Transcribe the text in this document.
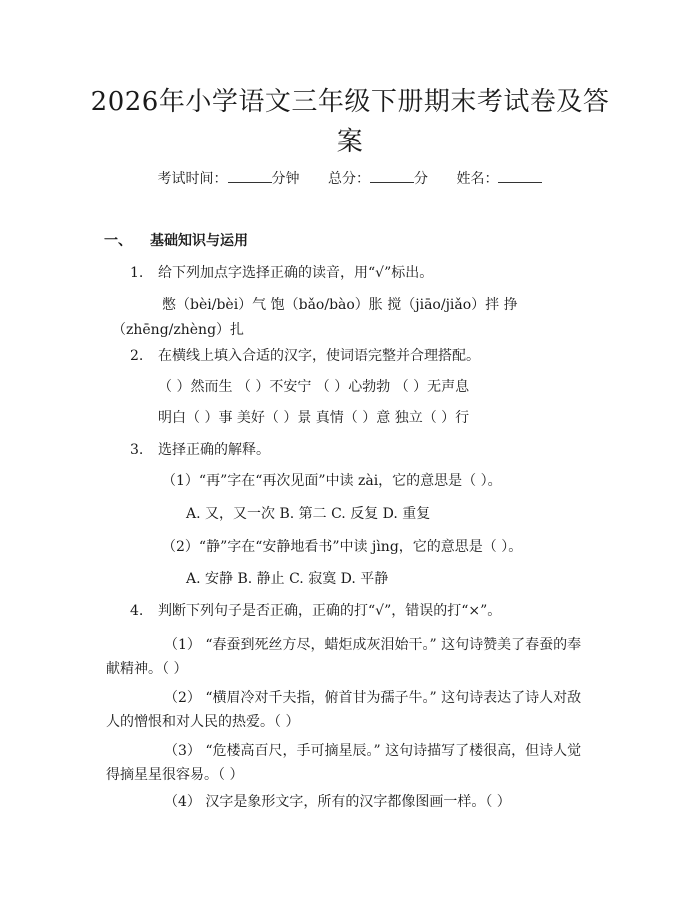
2026年小学语文三年级下册期末考试卷及答案
考试时间：	分钟 总分：	分 姓名：
一、 基础知识与运用
1. 给下列加点字选择正确的读音，用“√”标出。
憋（bèi/bèi）气 饱（bǎo/bào）胀 搅（jiāo/jiǎo）拌 挣（zhēng/zhèng）扎
2. 在横线上填入合适的汉字，使词语完整并合理搭配。
（ ）然而生 （ ）不安宁 （ ）心勃勃 （ ）无声息
明白（ ）事 美好（ ）景 真情（ ）意 独立（ ）行
3. 选择正确的解释。
（1）“再”字在“再次见面”中读 zài，它的意思是（ ）。
A. 又，又一次 B. 第二 C. 反复 D. 重复
（2）“静”字在“安静地看书”中读 jìng，它的意思是（ ）。
A. 安静 B. 静止 C. 寂寞 D. 平静
4. 判断下列句子是否正确，正确的打“√”，错误的打“×”。
（1） “春蚕到死丝方尽，蜡炬成灰泪始干。” 这句诗赞美了春蚕的奉献精神。（ ）
（2） “横眉冷对千夫指，俯首甘为孺子牛。” 这句诗表达了诗人对敌人的憎恨和对人民的热爱。（ ）
（3） “危楼高百尺，手可摘星辰。” 这句诗描写了楼很高，但诗人觉得摘星星很容易。（ ）
（4） 汉字是象形文字，所有的汉字都像图画一样。（ ）
